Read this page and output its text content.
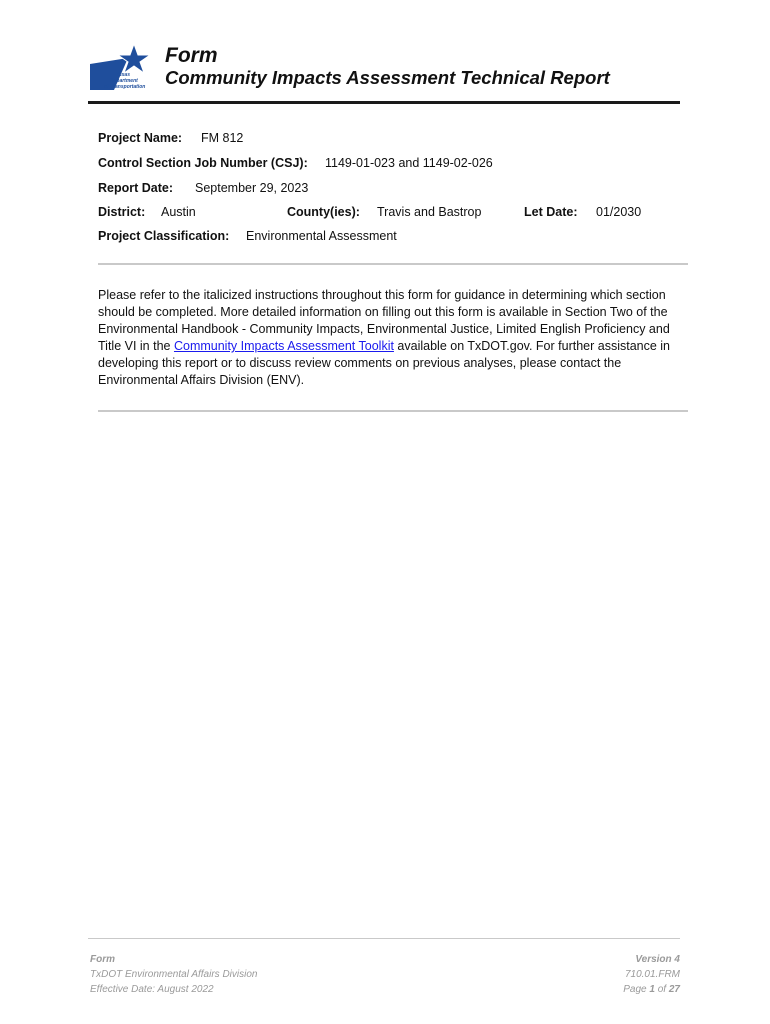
Texas
Department
of Transportation
Form
Community Impacts Assessment Technical Report
Project Name: FM 812
Control Section Job Number (CSJ): 1149-01-023 and 1149-02-026
Report Date: September 29, 2023
District: Austin	County(ies): Travis and Bastrop	Let Date: 01/2030
Project Classification: Environmental Assessment
Please refer to the italicized instructions throughout this form for guidance in determining which section should be completed. More detailed information on filling out this form is available in Section Two of the Environmental Handbook - Community Impacts, Environmental Justice, Limited English Proficiency and Title VI in the Community Impacts Assessment Toolkit available on TxDOT.gov. For further assistance in developing this report or to discuss review comments on previous analyses, please contact the Environmental Affairs Division (ENV).
Form
TxDOT Environmental Affairs Division
Effective Date: August 2022
Version 4
710.01.FRM
Page 1 of 27
